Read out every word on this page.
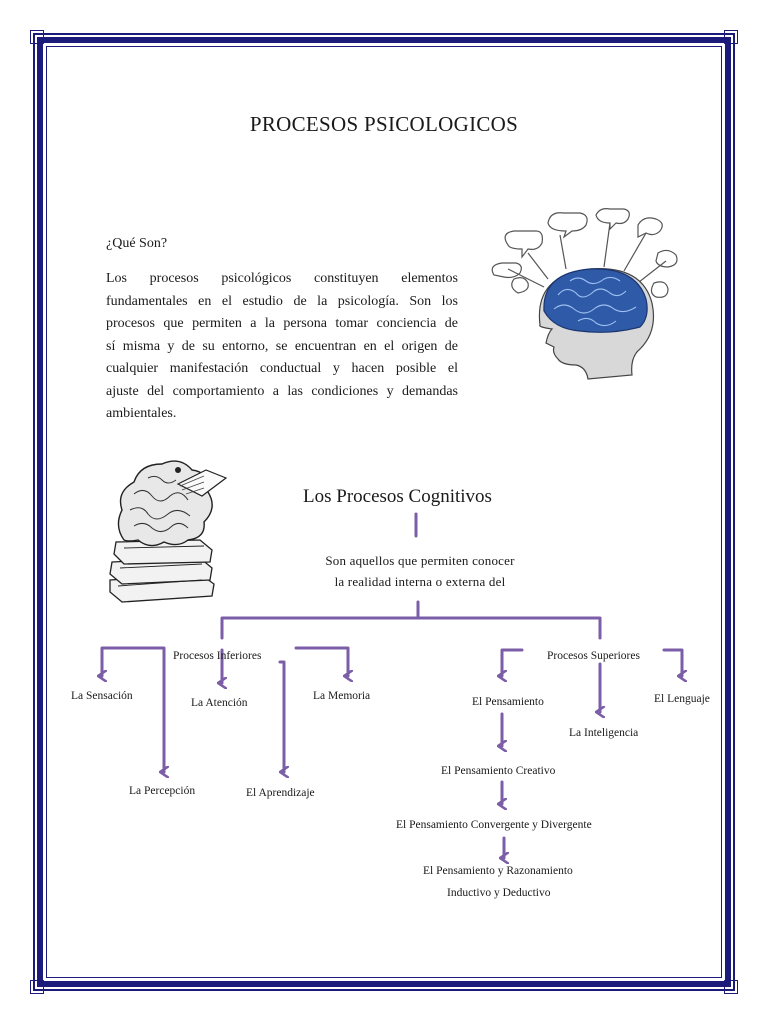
PROCESOS PSICOLOGICOS
¿Qué Son?
Los procesos psicológicos constituyen elementos
fundamentales en el estudio de la psicología. Son los
procesos que permiten a la persona tomar conciencia de
sí misma y de su entorno, se encuentran en el origen de
cualquier manifestación conductual y hacen posible el
ajuste del comportamiento a las condiciones y demandas
ambientales.
Los Procesos Cognitivos
Son aquellos que permiten conocer
la realidad interna o externa del
Procesos Inferiores
La Sensación
La Atención
La Memoria
La Percepción	El Aprendizaje
Procesos Superiores
El Pensamiento
La Inteligencia
El Lenguaje
El Pensamiento Creativo
El Pensamiento Convergente y Divergente
El Pensamiento y Razonamiento
Inductivo y Deductivo
